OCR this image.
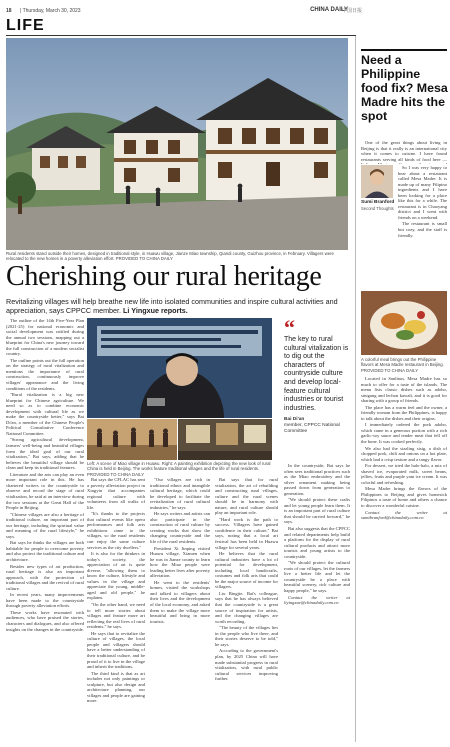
18 | Thursday, March 30, 2023	CHINA DAILY
中国日报
LIFE
Rural residents stand outside their homes, designed in traditional style, in Huawu village, Jianze Miao township, Qiandi county, Guizhou province, in February. Villagers were relocated to the new homes in a poverty alleviation effort. PROVIDED TO CHINA DAILY
Cherishing our rural heritage
Revitalizing villages will help breathe new life into isolated communities and inspire cultural activities and appreciation, says CPPCC member. Li Yingxue reports.

The outline of the 14th Five-Year Plan (2021-25) for national economic and social development was ratified during the annual two sessions, mapping out a blueprint for China's new journey toward the full construction of a modern socialist country.

The outline points out the full operation on the strategy of rural vitalization and mentions the importance of rural construction, continuously improve villages' appearance and the living conditions of the residents.

"Rural vitalization is a big new blueprint for Chinese agriculture. We need so as to combine economic development with cultural life as we make the countryside better," says Bai Di'an, a member of the Chinese People's Political Consultative Conference National Committee.

"Strong agricultural development, farmers' well-being and beautiful villages form the ideal goal of our rural vitalization," Bai says, adding that he believes the beautiful village should be clean and keep its traditional features.

Literature and the arts can play an even more important role in this. He has chartered writers to the countryside to observe and record the stage of rural vitalization, he said at an interview during the two sessions at the Great Hall of the People in Beijing.

"Chinese villages are also a heritage of traditional culture, an important part of our heritage, including the spiritual value and meaning of the rural lifestyle," he says.

Bai says he thinks the villages are both habitable for people to overcome poverty and also protect the traditional culture and architecture.

Besides new types of art production, rural heritage is also an important approach, with the protection of traditional villages and the revival of rural culture.

In recent years, many improvements have been made to the countryside through poverty alleviation efforts.

These works have resonated with audiences, who have praised the stories, characters and dialogues, and also offered insights on the changes in the countryside.

Left: A scene of Miao village in Huawu. Right: A painting exhibition depicting the new look of rural China is held in Beijing. The works feature traditional villages and the life of rural residents. PROVIDED TO CHINA DAILY

Bai says the CFLAC has sent a poverty alleviation project in Xingyin that accompanies regional culture with volunteers from all walks of life.

"It's thanks to the projects that cultural events like opera performances and folk arts exhibitions came to the villages, so the rural residents can enjoy the same culture services as the city dwellers."

It is also for the thinkers in today's society, the appreciation of art is quite diverse, "allowing them to know the culture, lifestyle and values in the village and appreciate the young, middle-aged and old people," he explains.

"On the other hand, we need to tell more stories about villages and feature more art reflecting the real lives of rural residents," he says.

He says that to revitalize the culture of villages, the local people and villagers should have a better understanding of their traditional culture, and be proud of it to live in the village and inherit the traditions.

The third kind is that as art includes not only paintings or sculpture, but also design and architecture planning, our villages and people are gaining more.

"Our villages are rich in traditional ethnic and intangible cultural heritage, which could be developed to facilitate the revitalization of rural cultural industries," he says.

He says writers and artists can also participate in the construction of rural culture by creating works that show the changing countryside and the life of the rural residents.

President Xi Jinping visited Huawu village, Xiamen when he was in Jianze county to learn how the Miao people were leading better lives after poverty alleviation.

He went to the residents' homes, visited the workshops and talked to villagers about their lives and the development of the local economy, and asked them to make the village more beautiful and bring in more tourists.

Bai says that for rural vitalization, the art of rebuilding and constructing rural villages, culture and the rural scenes should be in harmony with nature, and rural culture should play an important role.

"Hard work is the path to success. Villagers have gained confidence in their culture," Bai says, noting that a local art festival has been held in Huawu village for several years.

He believes that the rural cultural industries have a lot of potential for development, including local handicrafts, costumes and folk arts that could be the major source of income for villagers.

Liu Bingjie, Bai's colleague, says that he has always believed that the countryside is a great source of inspiration for artists, and the changing villages are worth recording.

"The beauty of the villages lies in the people who live there, and their stories deserve to be told," he says.

According to the government's plan, by 2025 China will have made substantial progress in rural vitalization, with rural public cultural services improving further.

“
The key to rural cultural vitalization is to dig out the characters of countryside culture and develop local-feature cultural industries or tourist industries.
Bai Di'an
member, CPPCC National Committee

In the countryside, Bai says he often sees traditional practices such as the Miao embroidery and the silver ornament making being passed down from generation to generation.

"We should protect these crafts and let young people learn them. It is an important part of rural culture that should be carried forward," he says.

Bai also suggests that the CPPCC and related departments help build a platform for the display of rural cultural products and attract more tourists and young artists to the countryside.

"We should protect the cultural roots of our villages, let the farmers live a better life and let the countryside be a place with beautiful scenery, rich culture and happy people," he says.

Contact the writer at liyingxue@chinadaily.com.cn

Need a Philippine food fix? Mesa Madre hits the spot

One of the great things about living in Beijing is that it really is an international city when it comes to cuisine. I have found restaurants serving all kinds of food here —

Sumi Branford
Second Thoughts

So I was very happy to hear about a restaurant called Mesa Madre. It is made up of many Filipino ingredients and I have been looking for a place like this for a while. The restaurant is in Chaoyang district and I went with friends on a weekend.

The restaurant is small but cozy, and the staff is friendly.

A colorful meal brings out the Philippine flavors at Mesa Madre restaurant in Beijing. PROVIDED TO CHINA DAILY

Located in Sanlitun, Mesa Madre has so much to offer for a taste of the islands. The menu lists classic dishes such as adobo, sinigang and lechon kawali, and it is good for sharing with a group of friends.

The place has a warm feel and the owner, a friendly woman from the Philippines, is happy to talk about the dishes and their origins.

I immediately ordered the pork adobo, which came in a generous portion with a rich garlic-soy sauce and tender meat that fell off the bone. It was cooked perfectly.

We also had the sizzling sisig, a dish of chopped pork, chili and onions on a hot plate, which had a crisp texture and a tangy flavor.

For dessert, we tried the halo-halo, a mix of shaved ice, evaporated milk, sweet beans, jellies, fruits and purple yam ice cream. It was colorful and refreshing.

Mesa Madre brings the flavors of the Philippines to Beijing and gives homesick Filipinos a taste of home and others a chance to discover a wonderful cuisine.

Contact the writer at sumibranford@chinadaily.com.cn
